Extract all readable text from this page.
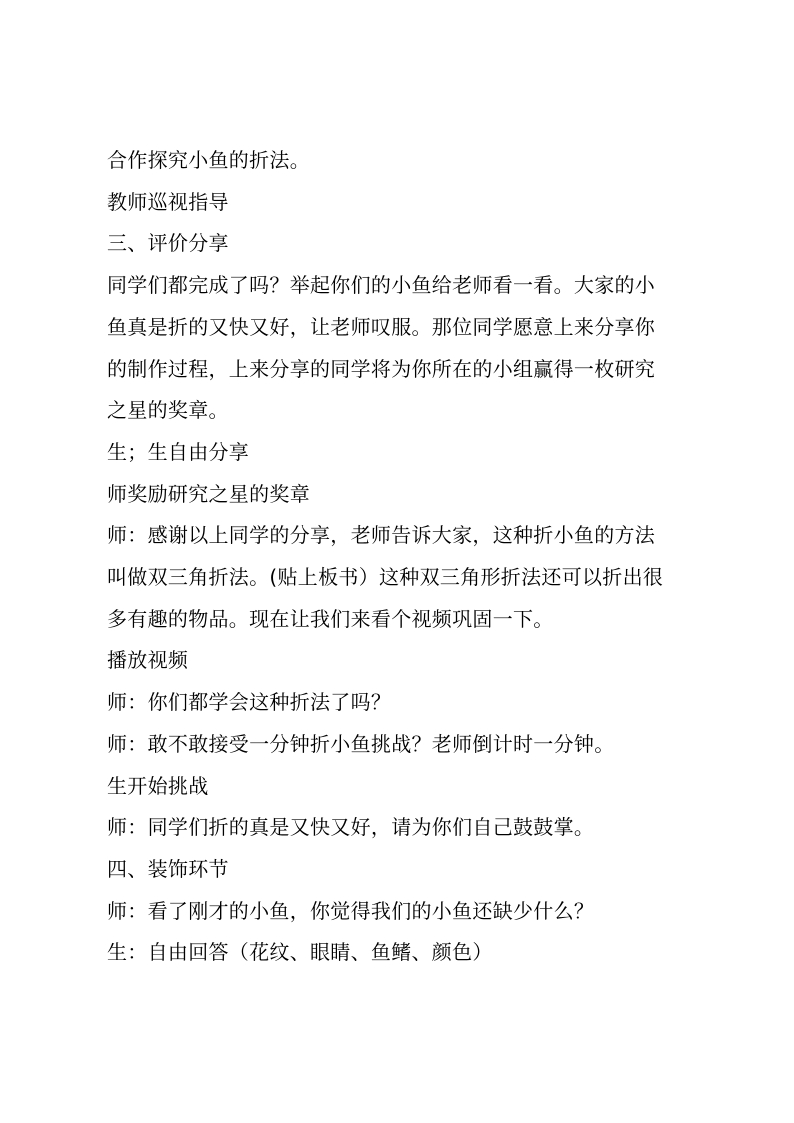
合作探究小鱼的折法。

教师巡视指导

三、评价分享

同学们都完成了吗？举起你们的小鱼给老师看一看。大家的小

鱼真是折的又快又好，让老师叹服。那位同学愿意上来分享你

的制作过程，上来分享的同学将为你所在的小组赢得一枚研究

之星的奖章。

生；生自由分享

师奖励研究之星的奖章

师：感谢以上同学的分享，老师告诉大家，这种折小鱼的方法

叫做双三角折法。(贴上板书）这种双三角形折法还可以折出很

多有趣的物品。现在让我们来看个视频巩固一下。

播放视频

师：你们都学会这种折法了吗？

师：敢不敢接受一分钟折小鱼挑战？老师倒计时一分钟。

生开始挑战

师：同学们折的真是又快又好，请为你们自己鼓鼓掌。

四、装饰环节

师：看了刚才的小鱼，你觉得我们的小鱼还缺少什么？

生：自由回答（花纹、眼睛、鱼鳍、颜色）
